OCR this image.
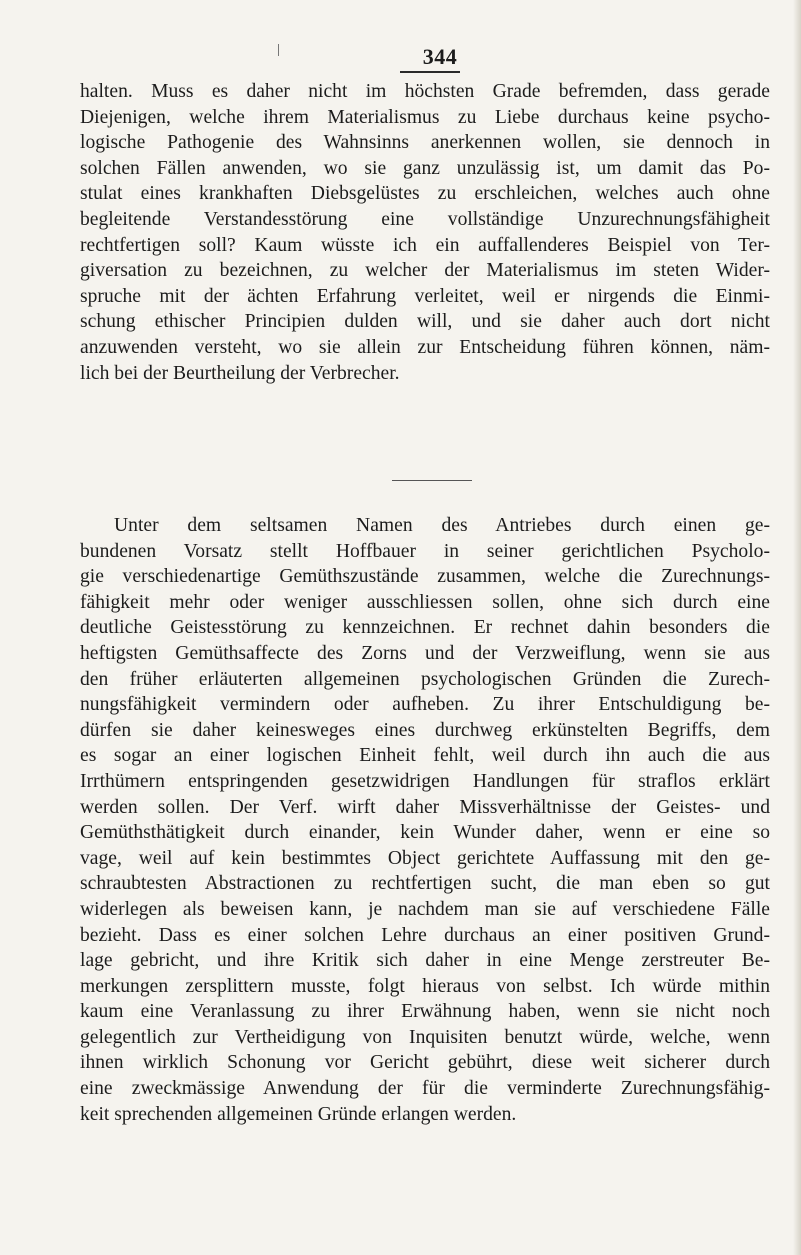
344
halten. Muss es daher nicht im höchsten Grade befremden, dass gerade
Diejenigen, welche ihrem Materialismus zu Liebe durchaus keine psycho-
logische Pathogenie des Wahnsinns anerkennen wollen, sie dennoch in
solchen Fällen anwenden, wo sie ganz unzulässig ist, um damit das Po-
stulat eines krankhaften Diebsgelüstes zu erschleichen, welches auch ohne
begleitende Verstandesstörung eine vollständige Unzurechnungsfähigheit
rechtfertigen soll? Kaum wüsste ich ein auffallenderes Beispiel von Ter-
giversation zu bezeichnen, zu welcher der Materialismus im steten Wider-
spruche mit der ächten Erfahrung verleitet, weil er nirgends die Einmi-
schung ethischer Principien dulden will, und sie daher auch dort nicht
anzuwenden versteht, wo sie allein zur Entscheidung führen können, näm-
lich bei der Beurtheilung der Verbrecher.
Unter dem seltsamen Namen des Antriebes durch einen ge-
bundenen Vorsatz stellt Hoffbauer in seiner gerichtlichen Psycholo-
gie verschiedenartige Gemüthszustände zusammen, welche die Zurechnungs-
fähigkeit mehr oder weniger ausschliessen sollen, ohne sich durch eine
deutliche Geistesstörung zu kennzeichnen. Er rechnet dahin besonders die
heftigsten Gemüthsaffecte des Zorns und der Verzweiflung, wenn sie aus
den früher erläuterten allgemeinen psychologischen Gründen die Zurech-
nungsfähigkeit vermindern oder aufheben. Zu ihrer Entschuldigung be-
dürfen sie daher keinesweges eines durchweg erkünstelten Begriffs, dem
es sogar an einer logischen Einheit fehlt, weil durch ihn auch die aus
Irrthümern entspringenden gesetzwidrigen Handlungen für straflos erklärt
werden sollen. Der Verf. wirft daher Missverhältnisse der Geistes- und
Gemüthsthätigkeit durch einander, kein Wunder daher, wenn er eine so
vage, weil auf kein bestimmtes Object gerichtete Auffassung mit den ge-
schraubtesten Abstractionen zu rechtfertigen sucht, die man eben so gut
widerlegen als beweisen kann, je nachdem man sie auf verschiedene Fälle
bezieht. Dass es einer solchen Lehre durchaus an einer positiven Grund-
lage gebricht, und ihre Kritik sich daher in eine Menge zerstreuter Be-
merkungen zersplittern musste, folgt hieraus von selbst. Ich würde mithin
kaum eine Veranlassung zu ihrer Erwähnung haben, wenn sie nicht noch
gelegentlich zur Vertheidigung von Inquisiten benutzt würde, welche, wenn
ihnen wirklich Schonung vor Gericht gebührt, diese weit sicherer durch
eine zweckmässige Anwendung der für die verminderte Zurechnungsfähig-
keit sprechenden allgemeinen Gründe erlangen werden.
